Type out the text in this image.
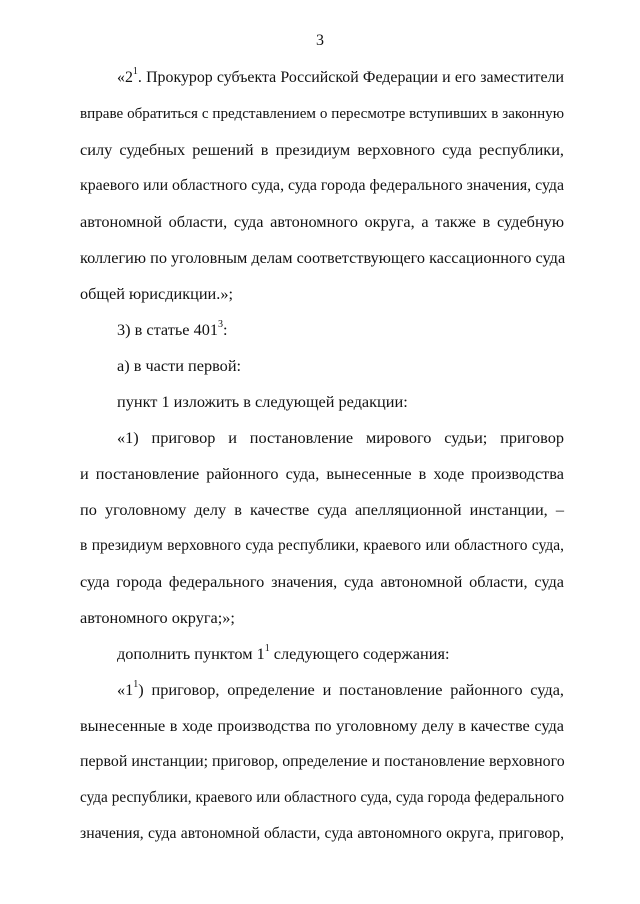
3
«$2^1$. Прокурор субъекта Российской Федерации и его заместители
вправе обратиться с представлением о пересмотре вступивших в законную
силу судебных решений в президиум верховного суда республики,
краевого или областного суда, суда города федерального значения, суда
автономной области, суда автономного округа, а также в судебную
коллегию по уголовным делам соответствующего кассационного суда
общей юрисдикции.»;
3) в статье $401^3$:
а) в части первой:
пункт 1 изложить в следующей редакции:
«1) приговор и постановление мирового судьи; приговор
и постановление районного суда, вынесенные в ходе производства
по уголовному делу в качестве суда апелляционной инстанции, –
в президиум верховного суда республики, краевого или областного суда,
суда города федерального значения, суда автономной области, суда
автономного округа;»;
дополнить пунктом $1^1$ следующего содержания:
«$1^1$) приговор, определение и постановление районного суда,
вынесенные в ходе производства по уголовному делу в качестве суда
первой инстанции; приговор, определение и постановление верховного
суда республики, краевого или областного суда, суда города федерального
значения, суда автономной области, суда автономного округа, приговор,
